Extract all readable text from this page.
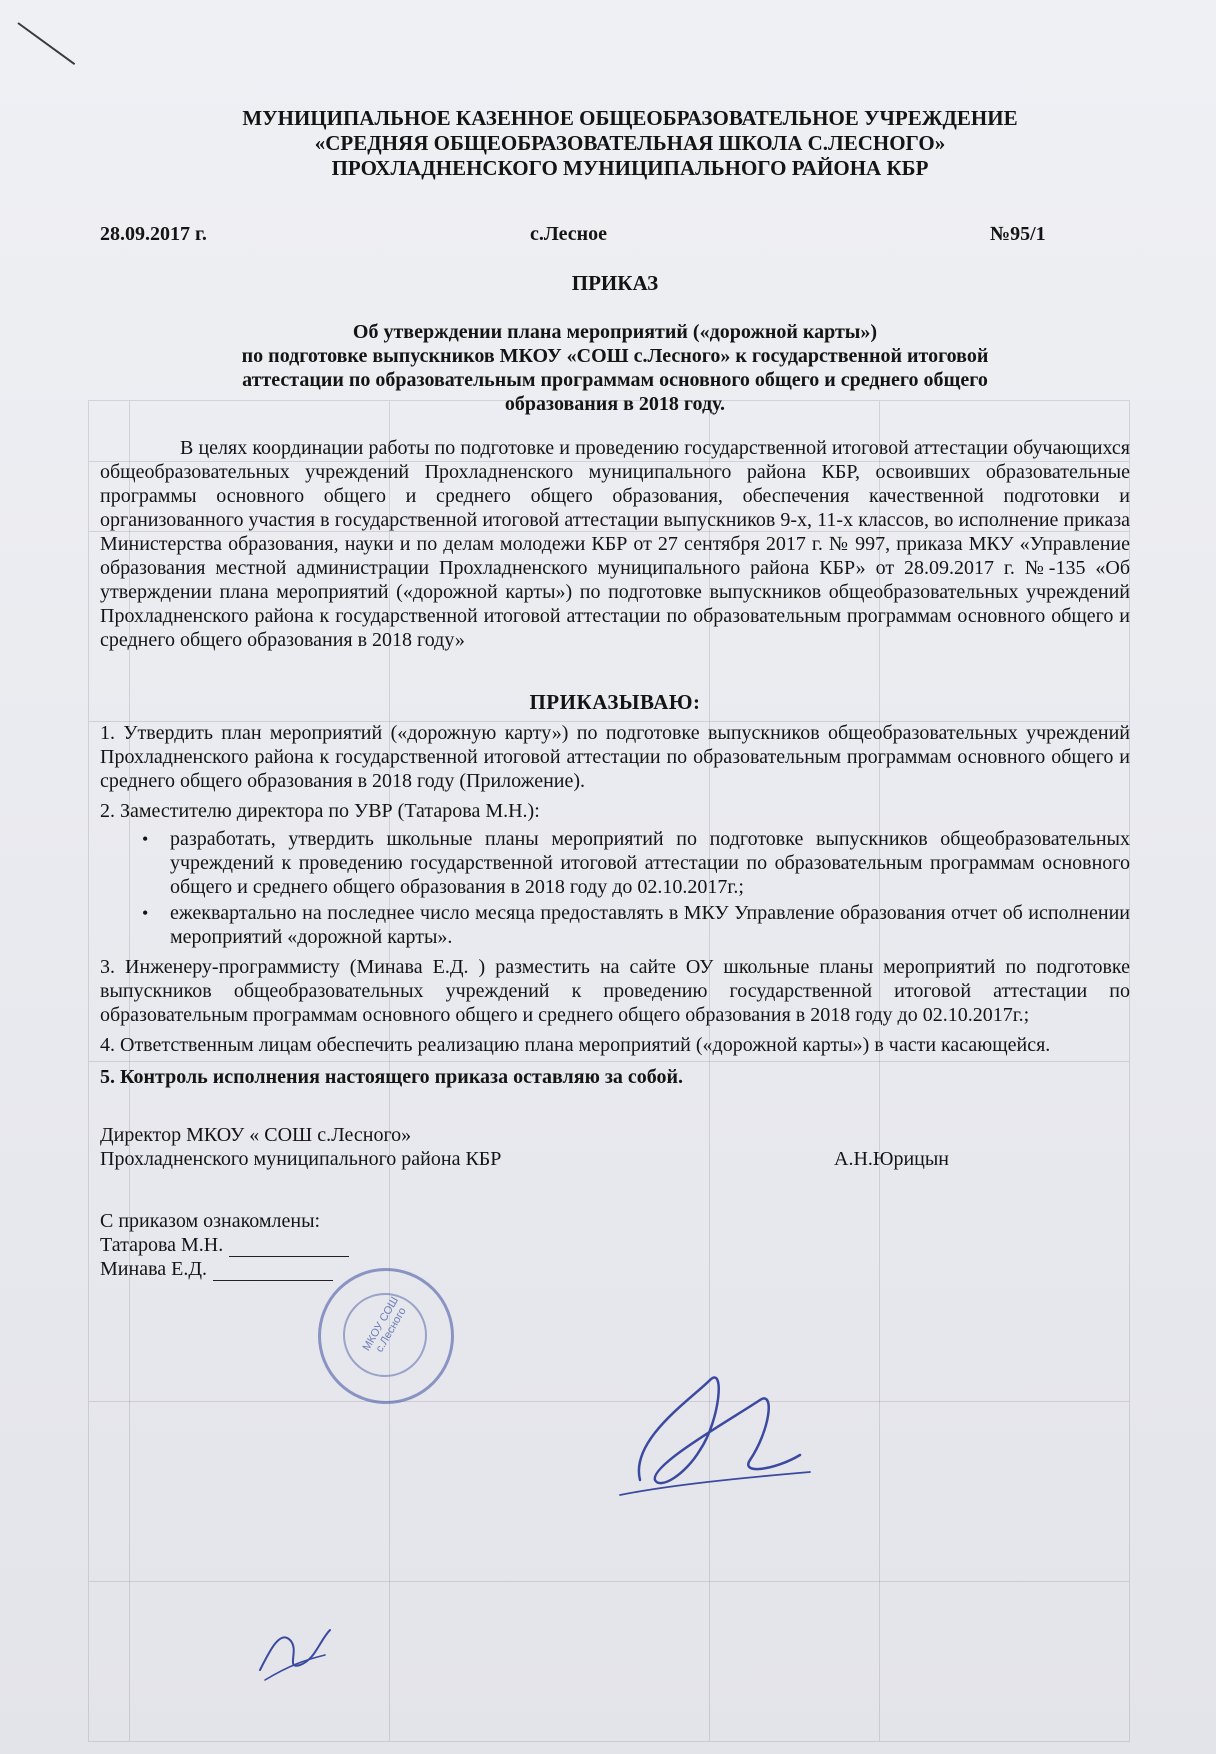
МУНИЦИПАЛЬНОЕ КАЗЕННОЕ ОБЩЕОБРАЗОВАТЕЛЬНОЕ УЧРЕЖДЕНИЕ
«СРЕДНЯЯ ОБЩЕОБРАЗОВАТЕЛЬНАЯ ШКОЛА С.ЛЕСНОГО»
ПРОХЛАДНЕНСКОГО МУНИЦИПАЛЬНОГО РАЙОНА КБР
28.09.2017 г.	с.Лесное	№95/1
ПРИКАЗ
Об утверждении плана мероприятий («дорожной карты»)
по подготовке выпускников МКОУ «СОШ с.Лесного» к государственной итоговой
аттестации по образовательным программам основного общего и среднего общего
образования в 2018 году.
В целях координации работы по подготовке и проведению государственной итоговой аттестации обучающихся общеобразовательных учреждений Прохладненского муниципального района КБР, освоивших образовательные программы основного общего и среднего общего образования, обеспечения качественной подготовки и организованного участия в государственной итоговой аттестации выпускников 9-х, 11-х классов, во исполнение приказа Министерства образования, науки и по делам молодежи КБР от 27 сентября 2017 г. № 997, приказа МКУ «Управление образования местной администрации Прохладненского муниципального района КБР» от 28.09.2017 г. №-135 «Об утверждении плана мероприятий («дорожной карты») по подготовке выпускников общеобразовательных учреждений Прохладненского района к государственной итоговой аттестации по образовательным программам основного общего и среднего общего образования в 2018 году»
ПРИКАЗЫВАЮ:
1. Утвердить план мероприятий («дорожную карту») по подготовке выпускников общеобразовательных учреждений Прохладненского района к государственной итоговой аттестации по образовательным программам основного общего и среднего общего образования в 2018 году (Приложение).
2. Заместителю директора по УВР (Татарова М.Н.):
• разработать, утвердить школьные планы мероприятий по подготовке выпускников общеобразовательных учреждений к проведению государственной итоговой аттестации по образовательным программам основного общего и среднего общего образования в 2018 году до 02.10.2017г.;
• ежеквартально на последнее число месяца предоставлять в МКУ Управление образования отчет об исполнении мероприятий «дорожной карты».
3. Инженеру-программисту (Минава Е.Д. ) разместить на сайте ОУ школьные планы мероприятий по подготовке выпускников общеобразовательных учреждений к проведению государственной итоговой аттестации по образовательным программам основного общего и среднего общего образования в 2018 году до 02.10.2017г.;
4. Ответственным лицам обеспечить реализацию плана мероприятий («дорожной карты») в части касающейся.
5. Контроль исполнения настоящего приказа оставляю за собой.
Директор МКОУ « СОШ с.Лесного»
Прохладненского муниципального района КБР	А.Н.Юрицын
С приказом ознакомлены:
Татарова М.Н.
Минава Е.Д.
МКОУ СОШ с.Лесного
